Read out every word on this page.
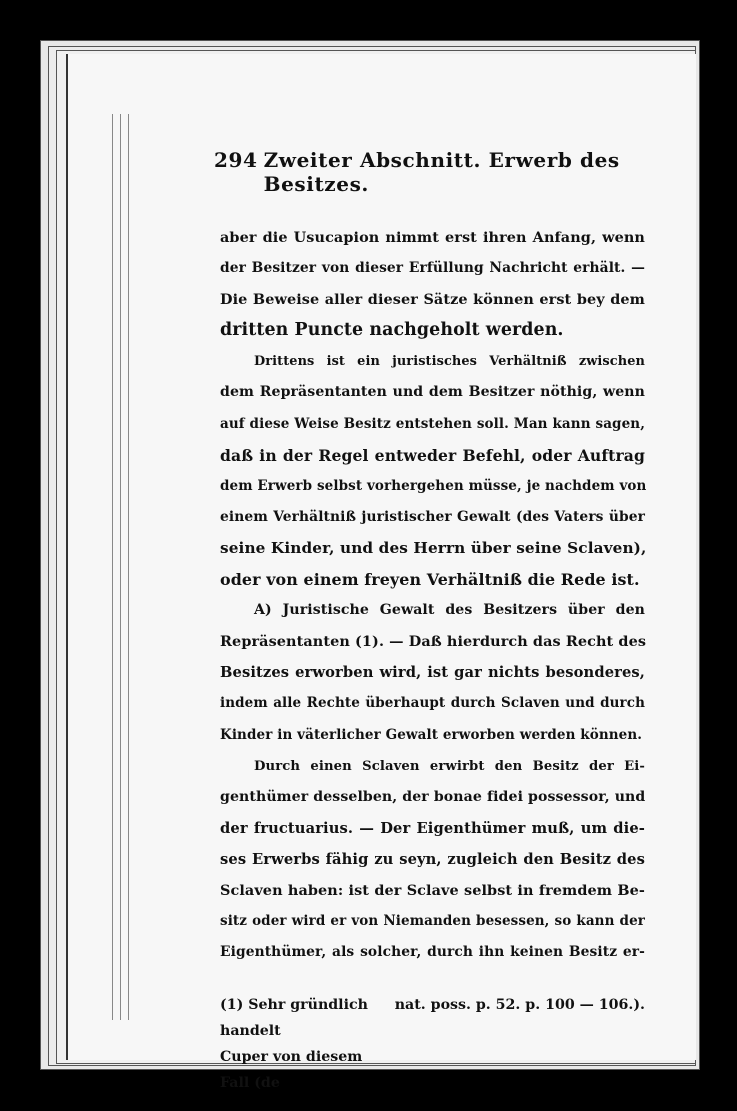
294 Zweiter Abschnitt. Erwerb des Besitzes.
aber die Usucapion nimmt erst ihren Anfang, wenn
der Besitzer von dieser Erfüllung Nachricht erhält. —
Die Beweise aller dieser Sätze können erst bey dem
dritten Puncte nachgeholt werden.
Drittens ist ein juristisches Verhältniß zwischen
dem Repräsentanten und dem Besitzer nöthig, wenn
auf diese Weise Besitz entstehen soll. Man kann sagen,
daß in der Regel entweder Befehl, oder Auftrag
dem Erwerb selbst vorhergehen müsse, je nachdem von
einem Verhältniß juristischer Gewalt (des Vaters über
seine Kinder, und des Herrn über seine Sclaven),
oder von einem freyen Verhältniß die Rede ist.
A) Juristische Gewalt des Besitzers über den
Repräsentanten (1). — Daß hierdurch das Recht des
Besitzes erworben wird, ist gar nichts besonderes,
indem alle Rechte überhaupt durch Sclaven und durch
Kinder in väterlicher Gewalt erworben werden können.
Durch einen Sclaven erwirbt den Besitz der Ei-
genthümer desselben, der bonae fidei possessor, und
der fructuarius. — Der Eigenthümer muß, um die-
ses Erwerbs fähig zu seyn, zugleich den Besitz des
Sclaven haben: ist der Sclave selbst in fremdem Be-
sitz oder wird er von Niemanden besessen, so kann der
Eigenthümer, als solcher, durch ihn keinen Besitz er-
(1) Sehr gründlich handelt
Cuper von diesem Fall (de
nat. poss. p. 52. p. 100 — 106.).
